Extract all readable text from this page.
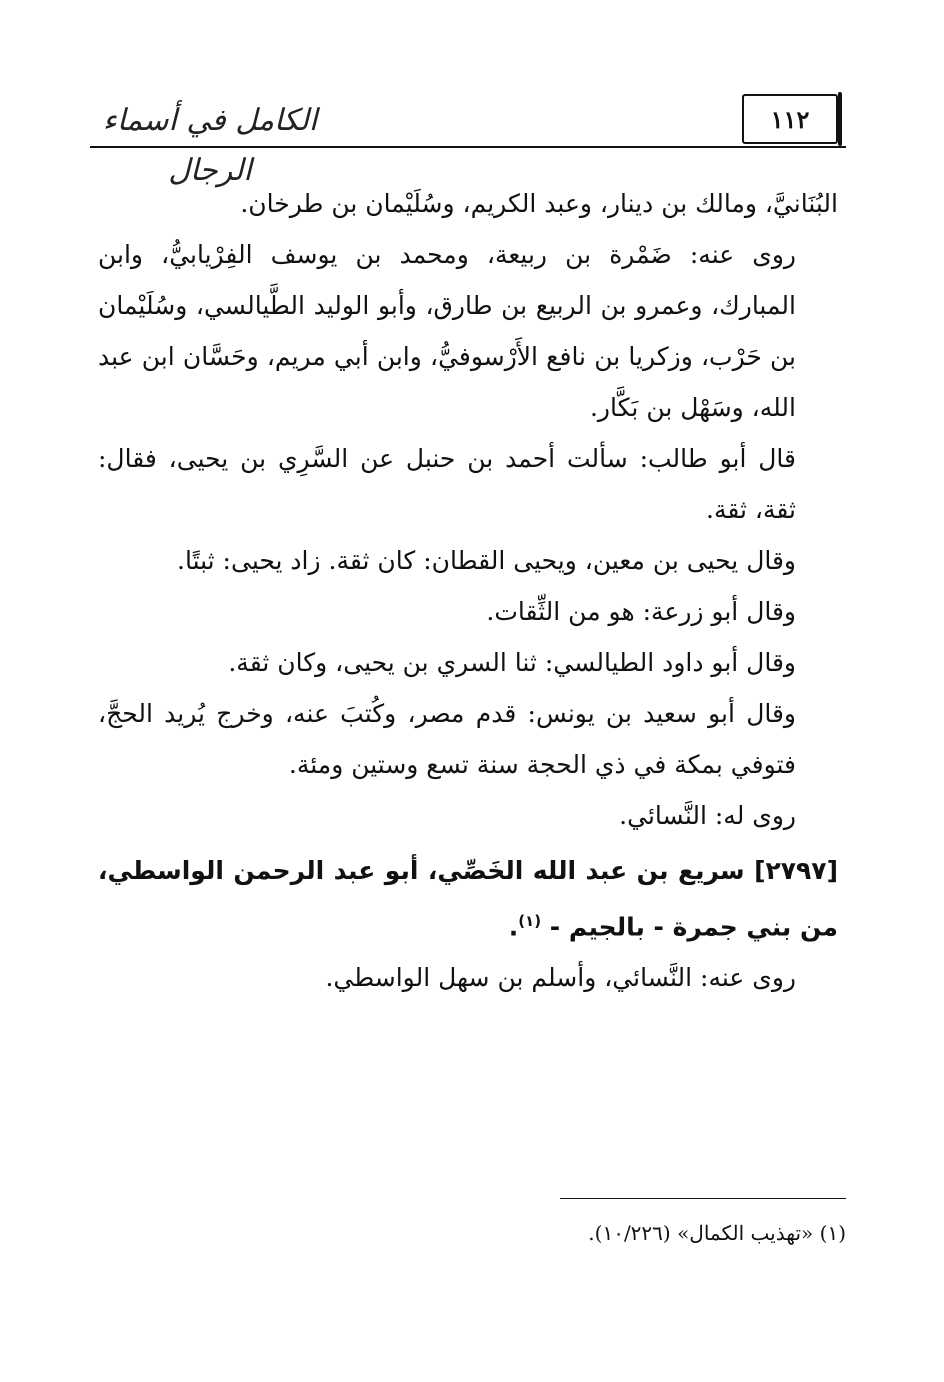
الكامل في أسماء الرجال
١١٢

البُنَانيَّ، ومالك بن دينار، وعبد الكريم، وسُلَيْمان بن طرخان.

روى عنه: ضَمْرة بن ربيعة، ومحمد بن يوسف الفِرْيابيُّ، وابن المبارك، وعمرو بن الربيع بن طارق، وأبو الوليد الطَّيالسي، وسُلَيْمان بن حَرْب، وزكريا بن نافع الأَرْسوفيُّ، وابن أبي مريم، وحَسَّان ابن عبد الله، وسَهْل بن بَكَّار.

قال أبو طالب: سألت أحمد بن حنبل عن السَّرِي بن يحيى، فقال: ثقة، ثقة.

وقال يحيى بن معين، ويحيى القطان: كان ثقة. زاد يحيى: ثبتًا.

وقال أبو زرعة: هو من الثِّقات.

وقال أبو داود الطيالسي: ثنا السري بن يحيى، وكان ثقة.

وقال أبو سعيد بن يونس: قدم مصر، وكُتبَ عنه، وخرج يُريد الحجَّ، فتوفي بمكة في ذي الحجة سنة تسع وستين ومئة.

روى له: النَّسائي.

[٢٧٩٧] سريع بن عبد الله الخَصِّي، أبو عبد الرحمن الواسطي، من بني جمرة - بالجيم - $^{(١)}$.

روى عنه: النَّسائي، وأسلم بن سهل الواسطي.

(١) «تهذيب الكمال» (١٠/٢٢٦).
